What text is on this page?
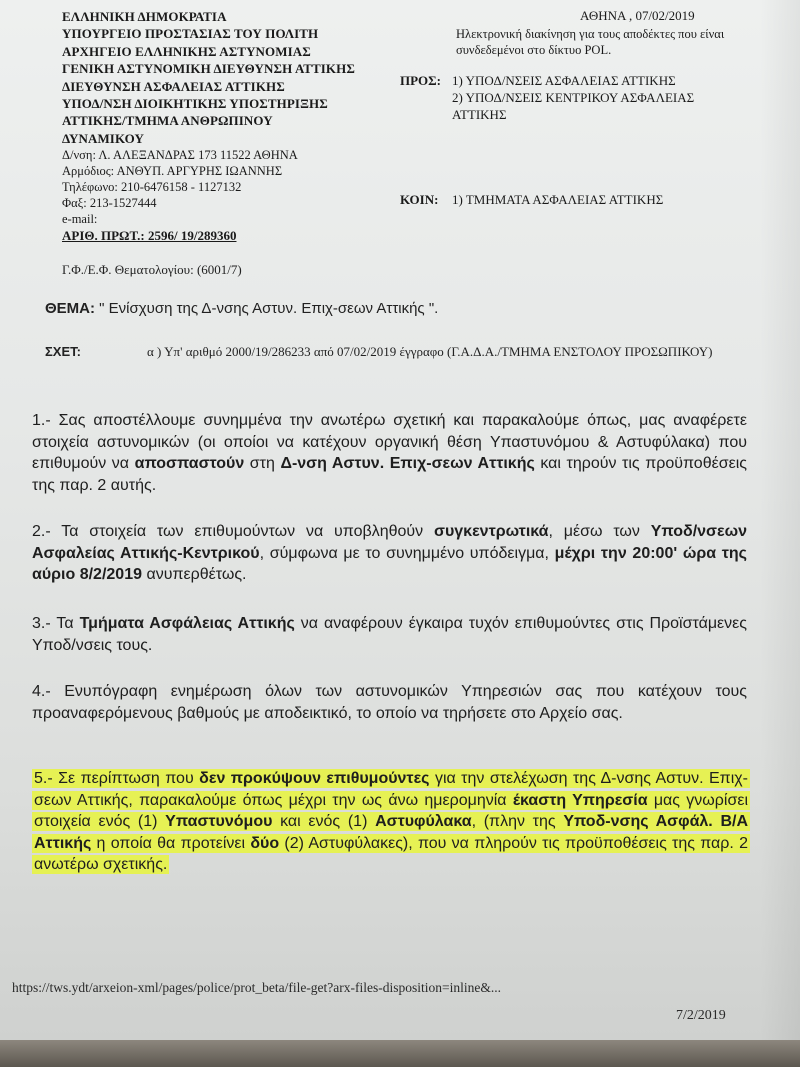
ΕΛΛΗΝΙΚΗ ΔΗΜΟΚΡΑΤΙΑ
ΥΠΟΥΡΓΕΙΟ ΠΡΟΣΤΑΣΙΑΣ ΤΟΥ ΠΟΛΙΤΗ
ΑΡΧΗΓΕΙΟ ΕΛΛΗΝΙΚΗΣ ΑΣΤΥΝΟΜΙΑΣ
ΓΕΝΙΚΗ ΑΣΤΥΝΟΜΙΚΗ ΔΙΕΥΘΥΝΣΗ ΑΤΤΙΚΗΣ
ΔΙΕΥΘΥΝΣΗ ΑΣΦΑΛΕΙΑΣ ΑΤΤΙΚΗΣ
ΥΠΟΔ/ΝΣΗ ΔΙΟΙΚΗΤΙΚΗΣ ΥΠΟΣΤΗΡΙΞΗΣ
ΑΤΤΙΚΗΣ/ΤΜΗΜΑ ΑΝΘΡΩΠΙΝΟΥ
ΔΥΝΑΜΙΚΟΥ
Δ/νση: Λ. ΑΛΕΞΑΝΔΡΑΣ 173 11522 ΑΘΗΝΑ
Αρμόδιος: ΑΝΘΥΠ. ΑΡΓΥΡΗΣ ΙΩΑΝΝΗΣ
Τηλέφωνο: 210-6476158 - 1127132
Φαξ: 213-1527444
e-mail:
ΑΡΙΘ. ΠΡΩΤ.: 2596/ 19/289360
ΑΘΗΝΑ , 07/02/2019
Ηλεκτρονική διακίνηση για τους αποδέκτες που είναι συνδεδεμένοι στο δίκτυο POL.
ΠΡΟΣ: 1) ΥΠΟΔ/ΝΣΕΙΣ ΑΣΦΑΛΕΙΑΣ ΑΤΤΙΚΗΣ
2) ΥΠΟΔ/ΝΣΕΙΣ ΚΕΝΤΡΙΚΟΥ ΑΣΦΑΛΕΙΑΣ
ΑΤΤΙΚΗΣ
ΚΟΙΝ: 1) ΤΜΗΜΑΤΑ ΑΣΦΑΛΕΙΑΣ ΑΤΤΙΚΗΣ
Γ.Φ./Ε.Φ. Θεματολογίου: (6001/7)
ΘΕΜΑ: " Ενίσχυση της Δ-νσης Αστυν. Επιχ-σεων Αττικής ".
ΣΧΕΤ:	α ) Υπ' αριθμό 2000/19/286233 από 07/02/2019 έγγραφο (Γ.Α.Δ.Α./ΤΜΗΜΑ ΕΝΣΤΟΛΟΥ ΠΡΟΣΩΠΙΚΟΥ)
1.- Σας αποστέλλουμε συνημμένα την ανωτέρω σχετική και παρακαλούμε όπως, μας αναφέρετε στοιχεία αστυνομικών (οι οποίοι να κατέχουν οργανική θέση Υπαστυνόμου & Αστυφύλακα) που επιθυμούν να αποσπαστούν στη Δ-νση Αστυν. Επιχ-σεων Αττικής και τηρούν τις προϋποθέσεις της παρ. 2 αυτής.
2.- Τα στοιχεία των επιθυμούντων να υποβληθούν συγκεντρωτικά, μέσω των Υποδ/νσεων Ασφαλείας Αττικής-Κεντρικού, σύμφωνα με το συνημμένο υπόδειγμα, μέχρι την 20:00' ώρα της αύριο 8/2/2019 ανυπερθέτως.
3.- Τα Τμήματα Ασφάλειας Αττικής να αναφέρουν έγκαιρα τυχόν επιθυμούντες στις Προϊστάμενες Υποδ/νσεις τους.
4.- Ενυπόγραφη ενημέρωση όλων των αστυνομικών Υπηρεσιών σας που κατέχουν τους προαναφερόμενους βαθμούς με αποδεικτικό, το οποίο να τηρήσετε στο Αρχείο σας.
5.- Σε περίπτωση που δεν προκύψουν επιθυμούντες για την στελέχωση της Δ-νσης Αστυν. Επιχ-σεων Αττικής, παρακαλούμε όπως μέχρι την ως άνω ημερομηνία έκαστη Υπηρεσία μας γνωρίσει στοιχεία ενός (1) Υπαστυνόμου και ενός (1) Αστυφύλακα, (πλην της Υποδ-νσης Ασφάλ. Β/Α Αττικής η οποία θα προτείνει δύο (2) Αστυφύλακες), που να πληρούν τις προϋποθέσεις της παρ. 2 ανωτέρω σχετικής.
https://tws.ydt/arxeion-xml/pages/police/prot_beta/file-get?arx-files-disposition=inline&...
7/2/2019
